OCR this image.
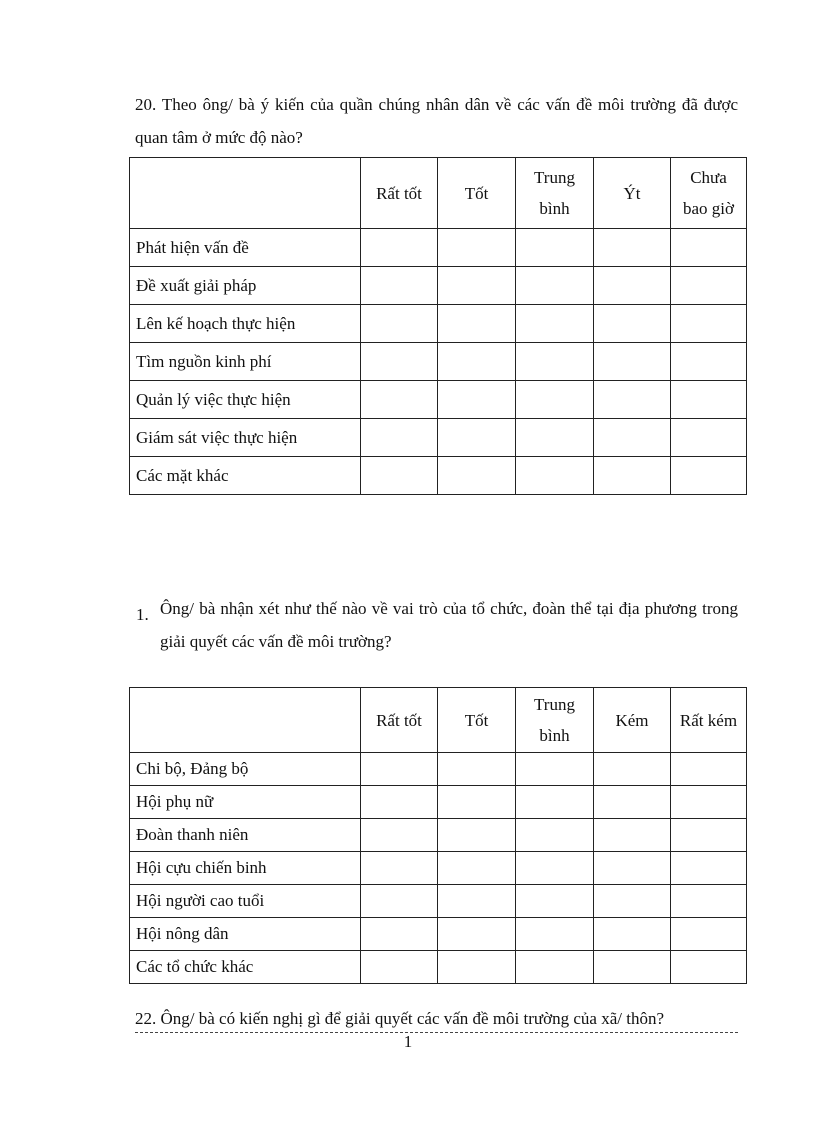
20. Theo ông/ bà ý kiến của quần chúng nhân dân về các vấn đề môi trường đã được quan tâm ở mức độ nào?
	Rất tốt	Tốt	Trung bình	Ýt	Chưa bao giờ
Phát hiện vấn đề					
Đề xuất giải pháp					
Lên kế hoạch thực hiện					
Tìm nguồn kinh phí					
Quản lý việc thực hiện					
Giám sát việc thực hiện					
Các mặt khác					
1. Ông/ bà nhận xét như thế nào về vai trò của tổ chức, đoàn thể tại địa phương trong giải quyết các vấn đề môi trường?
	Rất tốt	Tốt	Trung bình	Kém	Rất kém
Chi bộ, Đảng bộ					
Hội phụ nữ					
Đoàn thanh niên					
Hội cựu chiến binh					
Hội người cao tuổi					
Hội nông dân					
Các tổ chức khác					
22. Ông/ bà có kiến nghị gì để giải quyết các vấn đề môi trường của xã/ thôn?
1
